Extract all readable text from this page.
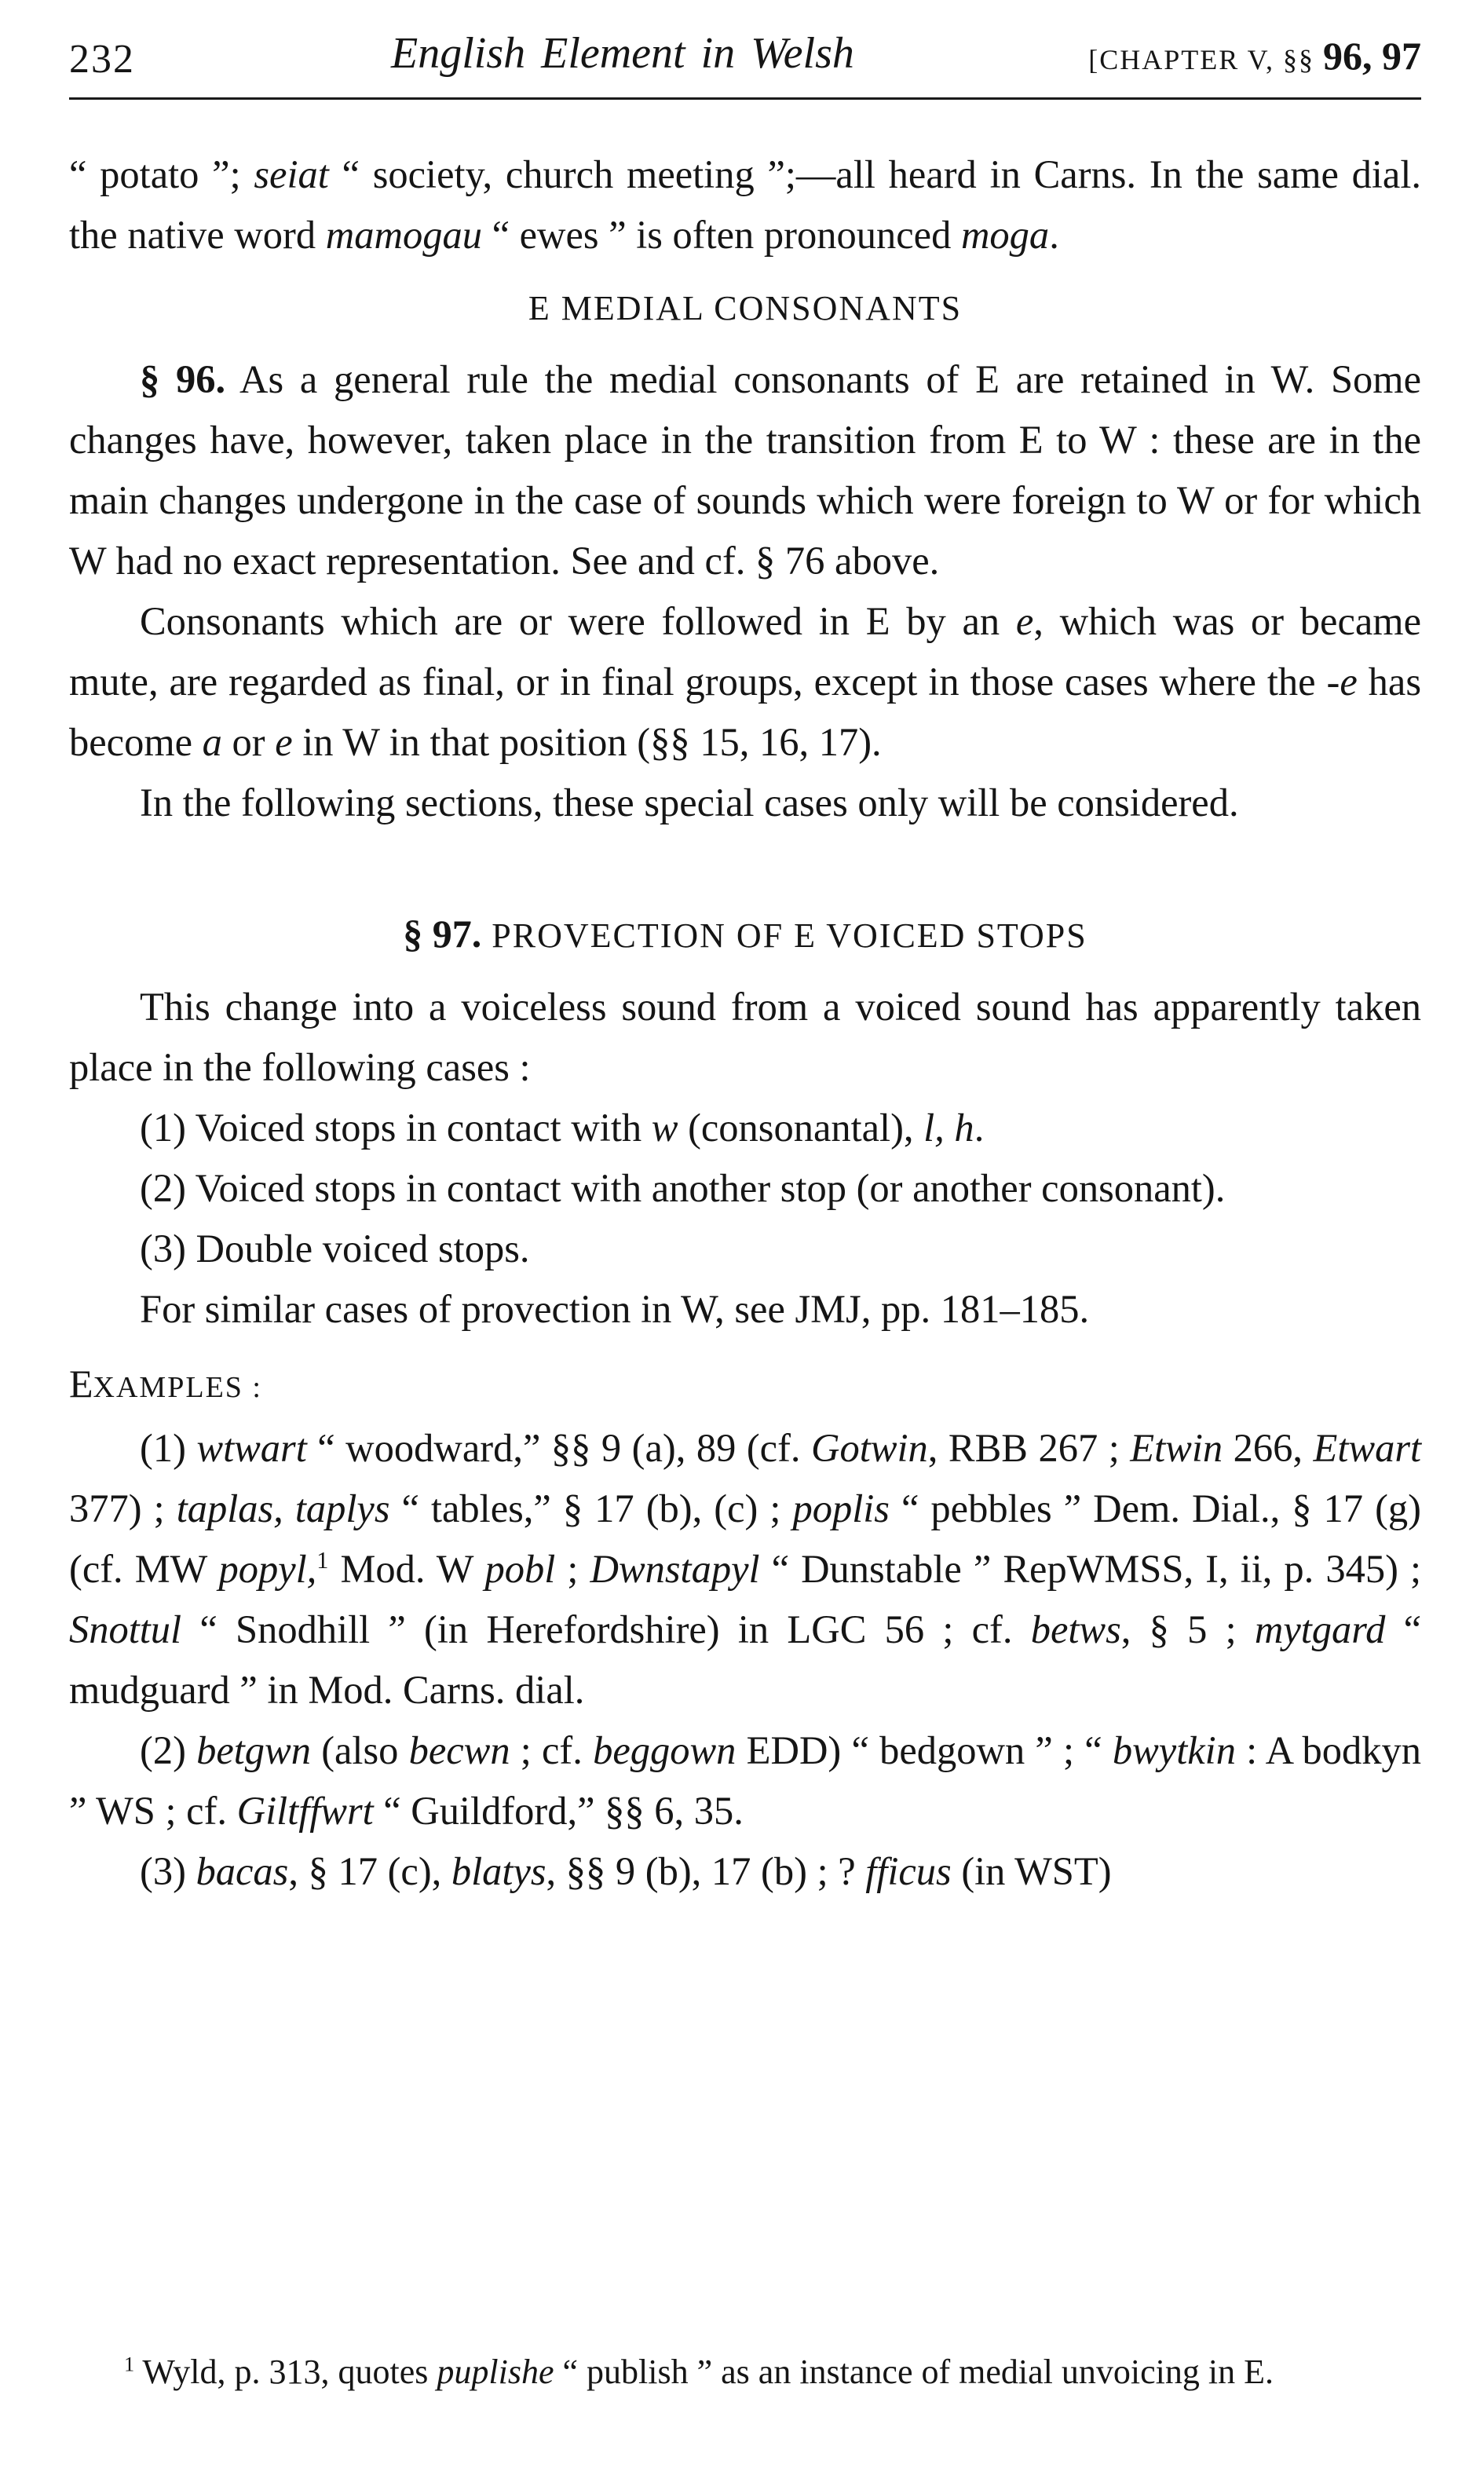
232	English Element in Welsh	[CHAPTER V, §§ 96, 97

“ potato ”; seiat “ society, church meeting ”;—all heard in Carns. In the same dial. the native word mamogau “ ewes ” is often pronounced moga.

E MEDIAL CONSONANTS

§ 96. As a general rule the medial consonants of E are retained in W. Some changes have, however, taken place in the transition from E to W : these are in the main changes undergone in the case of sounds which were foreign to W or for which W had no exact representation. See and cf. § 76 above.

Consonants which are or were followed in E by an e, which was or became mute, are regarded as final, or in final groups, except in those cases where the -e has become a or e in W in that position (§§ 15, 16, 17).

In the following sections, these special cases only will be considered.

§ 97. PROVECTION OF E VOICED STOPS

This change into a voiceless sound from a voiced sound has apparently taken place in the following cases :

(1) Voiced stops in contact with w (consonantal), l, h.

(2) Voiced stops in contact with another stop (or another consonant).

(3) Double voiced stops.

For similar cases of provection in W, see JMJ, pp. 181–185.

EXAMPLES :

(1) wtwart “ woodward,” §§ 9 (a), 89 (cf. Gotwin, RBB 267 ; Etwin 266, Etwart 377) ; taplas, taplys “ tables,” § 17 (b), (c) ; poplis “ pebbles ” Dem. Dial., § 17 (g) (cf. MW popyl,$^1$ Mod. W pobl ; Dwnstapyl “ Dunstable ” RepWMSS, I, ii, p. 345) ; Snottul “ Snodhill ” (in Herefordshire) in LGC 56 ; cf. betws, § 5 ; mytgard “ mudguard ” in Mod. Carns. dial.

(2) betgwn (also becwn ; cf. beggown EDD) “ bedgown ” ; “ bwytkin : A bodkyn ” WS ; cf. Giltffwrt “ Guildford,” §§ 6, 35.

(3) bacas, § 17 (c), blatys, §§ 9 (b), 17 (b) ; ? fficus (in WST)

$^1$ Wyld, p. 313, quotes puplishe “ publish ” as an instance of medial unvoicing in E.
